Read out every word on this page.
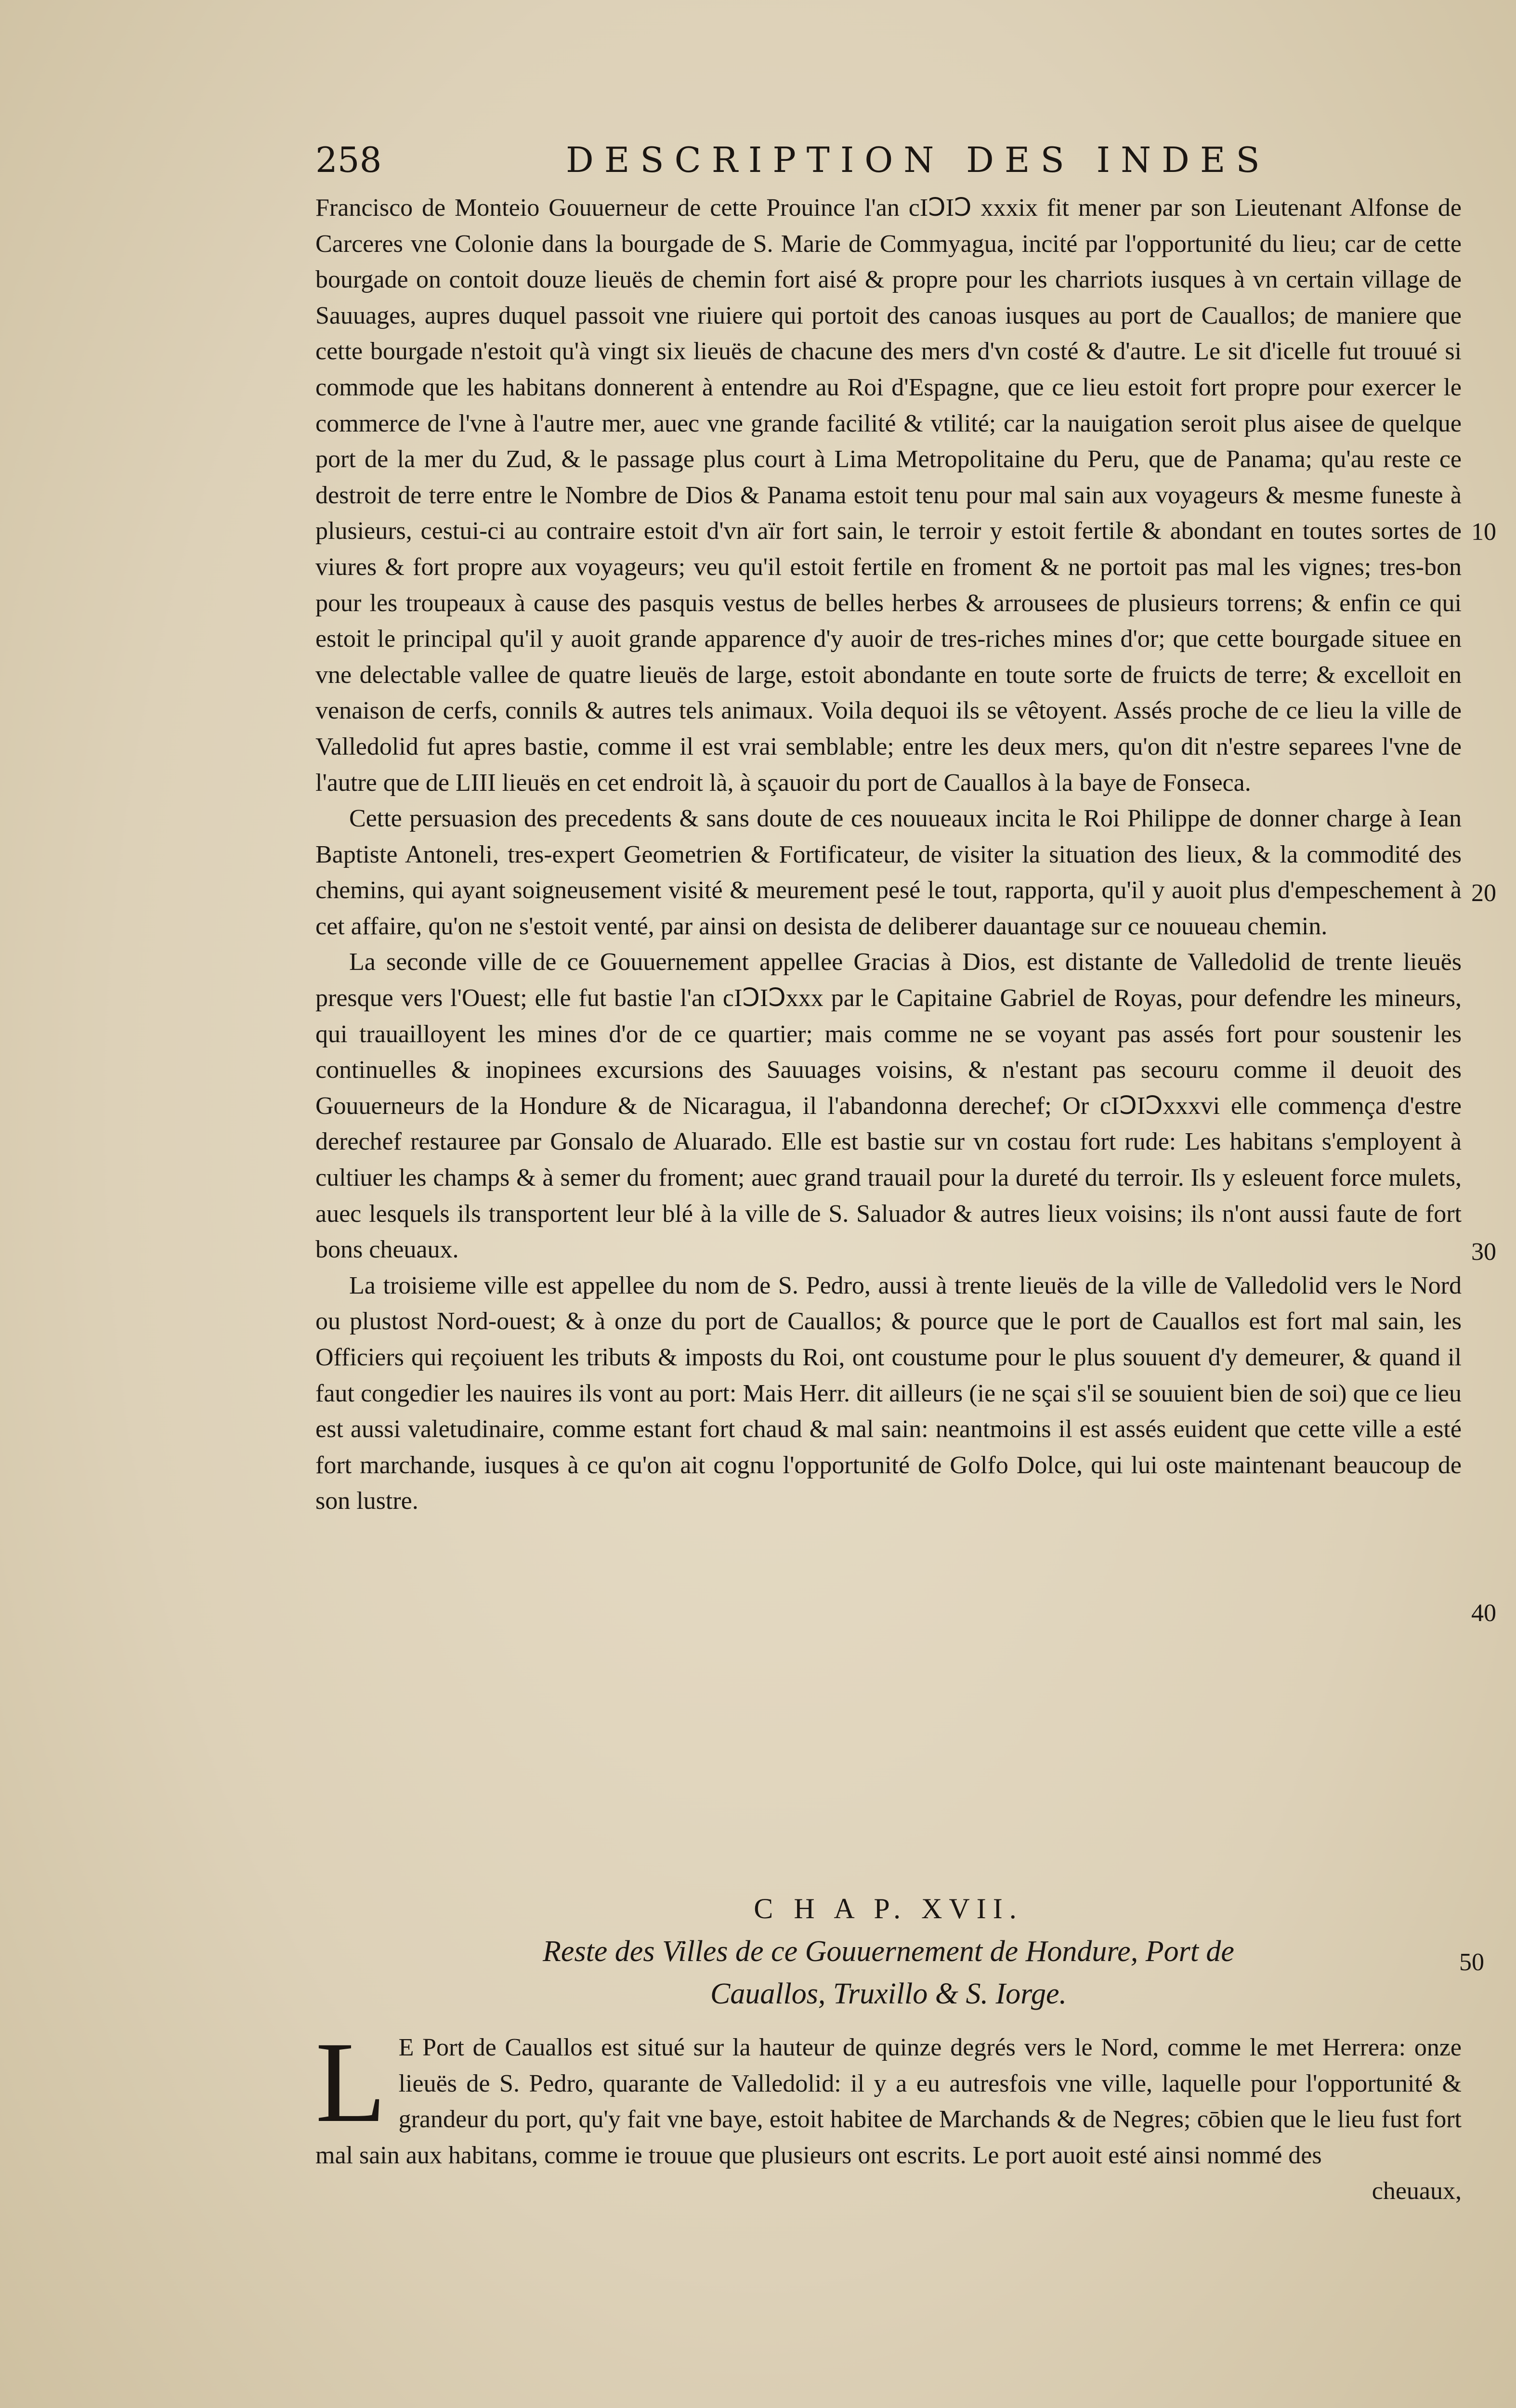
258	DESCRIPTION DES INDES

Francisco de Monteio Gouuerneur de cette Prouince l'an cIↃIↃ xxxix fit mener par son Lieutenant Alfonse de Carceres vne Colonie dans la bourgade de S. Marie de Commyagua, incité par l'opportunité du lieu; car de cette bourgade on contoit douze lieuës de chemin fort aisé & propre pour les charriots iusques à vn certain village de Sauuages, aupres duquel passoit vne riuiere qui portoit des canoas iusques au port de Cauallos; de maniere que cette bourgade n'estoit qu'à vingt six lieuës de chacune des mers d'vn costé & d'autre. Le sit d'icelle fut trouué si commode que les habitans donnerent à entendre au Roi d'Espagne, que ce lieu estoit fort propre pour exercer le commerce de l'vne à l'autre mer, auec vne grande facilité & vtilité; car la nauigation seroit plus aisee de quelque port de la mer du Zud, & le passage plus court à Lima Metropolitaine du Peru, que de Panama; qu'au reste ce destroit de terre entre le Nombre de Dios & Panama estoit tenu pour mal sain aux voyageurs & mesme funeste à plusieurs, cestui-ci au contraire estoit d'vn aïr fort sain, le terroir y estoit fertile & abondant en toutes sortes de viures & fort propre aux voyageurs; veu qu'il estoit fertile en froment & ne portoit pas mal les vignes; tres-bon pour les troupeaux à cause des pasquis vestus de belles herbes & arrousees de plusieurs torrens; & enfin ce qui estoit le principal qu'il y auoit grande apparence d'y auoir de tres-riches mines d'or; que cette bourgade situee en vne delectable vallee de quatre lieuës de large, estoit abondante en toute sorte de fruicts de terre; & excelloit en venaison de cerfs, connils & autres tels animaux. Voila dequoi ils se vêtoyent. Assés proche de ce lieu la ville de Valledolid fut apres bastie, comme il est vrai semblable; entre les deux mers, qu'on dit n'estre separees l'vne de l'autre que de LIII lieuës en cet endroit là, à sçauoir du port de Cauallos à la baye de Fonseca.

Cette persuasion des precedents & sans doute de ces nouueaux incita le Roi Philippe de donner charge à Iean Baptiste Antoneli, tres-expert Geometrien & Fortificateur, de visiter la situation des lieux, & la commodité des chemins, qui ayant soigneusement visité & meurement pesé le tout, rapporta, qu'il y auoit plus d'empeschement à cet affaire, qu'on ne s'estoit venté, par ainsi on desista de deliberer dauantage sur ce nouueau chemin.

La seconde ville de ce Gouuernement appellee Gracias à Dios, est distante de Valledolid de trente lieuës presque vers l'Ouest; elle fut bastie l'an cIↃIↃxxx par le Capitaine Gabriel de Royas, pour defendre les mineurs, qui trauailloyent les mines d'or de ce quartier; mais comme ne se voyant pas assés fort pour soustenir les continuelles & inopinees excursions des Sauuages voisins, & n'estant pas secouru comme il deuoit des Gouuerneurs de la Hondure & de Nicaragua, il l'abandonna derechef; Or cIↃIↃxxxvi elle commença d'estre derechef restauree par Gonsalo de Aluarado. Elle est bastie sur vn costau fort rude: Les habitans s'employent à cultiuer les champs & à semer du froment; auec grand trauail pour la dureté du terroir. Ils y esleuent force mulets, auec lesquels ils transportent leur blé à la ville de S. Saluador & autres lieux voisins; ils n'ont aussi faute de fort bons cheuaux.

La troisieme ville est appellee du nom de S. Pedro, aussi à trente lieuës de la ville de Valledolid vers le Nord ou plustost Nord-ouest; & à onze du port de Cauallos; & pource que le port de Cauallos est fort mal sain, les Officiers qui reçoiuent les tributs & imposts du Roi, ont coustume pour le plus souuent d'y demeurer, & quand il faut congedier les nauires ils vont au port: Mais Herr. dit ailleurs (ie ne sçai s'il se souuient bien de soi) que ce lieu est aussi valetudinaire, comme estant fort chaud & mal sain: neantmoins il est assés euident que cette ville a esté fort marchande, iusques à ce qu'on ait cognu l'opportunité de Golfo Dolce, qui lui oste maintenant beaucoup de son lustre.

C H A P. XVII.

Reste des Villes de ce Gouuernement de Hondure, Port de

Cauallos, Truxillo & S. Iorge.

L E Port de Cauallos est situé sur la hauteur de quinze degrés vers le Nord, comme le met Herrera: onze lieuës de S. Pedro, quarante de Valledolid: il y a eu autresfois vne ville, laquelle pour l'opportunité & grandeur du port, qu'y fait vne baye, estoit habitee de Marchands & de Negres; cōbien que le lieu fust fort mal sain aux habitans, comme ie trouue que plusieurs ont escrits. Le port auoit esté ainsi nommé des

cheuaux,

10
20
30
40
50
